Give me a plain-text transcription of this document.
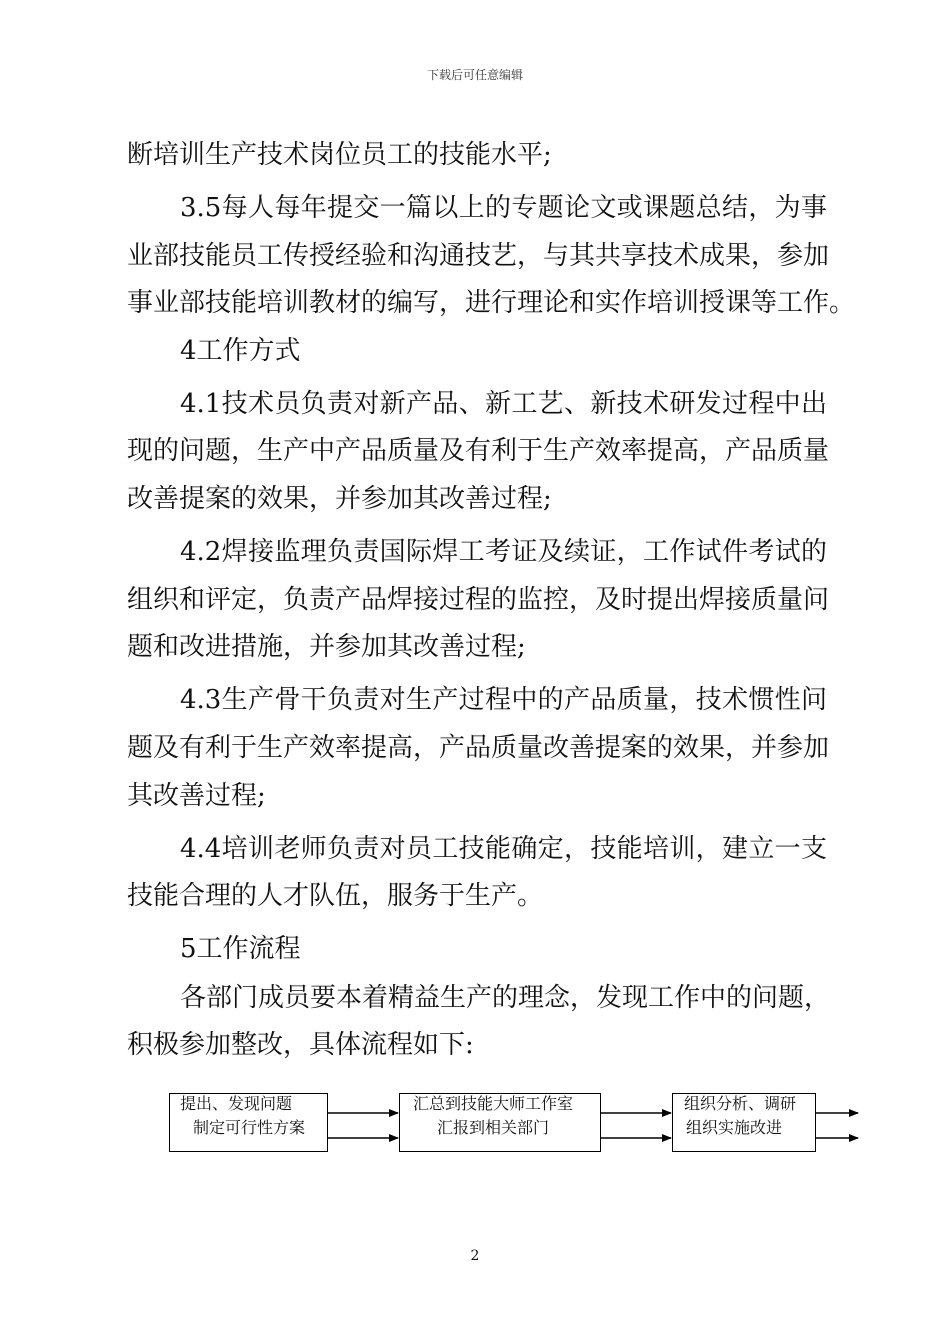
下载后可任意编辑
断培训生产技术岗位员工的技能水平;
3.5每人每年提交一篇以上的专题论文或课题总结，为事
业部技能员工传授经验和沟通技艺，与其共享技术成果，参加
事业部技能培训教材的编写，进行理论和实作培训授课等工作。
4工作方式
4.1技术员负责对新产品、新工艺、新技术研发过程中出
现的问题，生产中产品质量及有利于生产效率提高，产品质量
改善提案的效果，并参加其改善过程;
4.2焊接监理负责国际焊工考证及续证，工作试件考试的
组织和评定，负责产品焊接过程的监控，及时提出焊接质量问
题和改进措施，并参加其改善过程;
4.3生产骨干负责对生产过程中的产品质量，技术惯性问
题及有利于生产效率提高，产品质量改善提案的效果，并参加
其改善过程;
4.4培训老师负责对员工技能确定，技能培训，建立一支
技能合理的人才队伍，服务于生产。
5工作流程
各部门成员要本着精益生产的理念，发现工作中的问题，
积极参加整改，具体流程如下:
提出、发现问题
制定可行性方案
汇总到技能大师工作室
汇报到相关部门
组织分析、调研
组织实施改进
2
